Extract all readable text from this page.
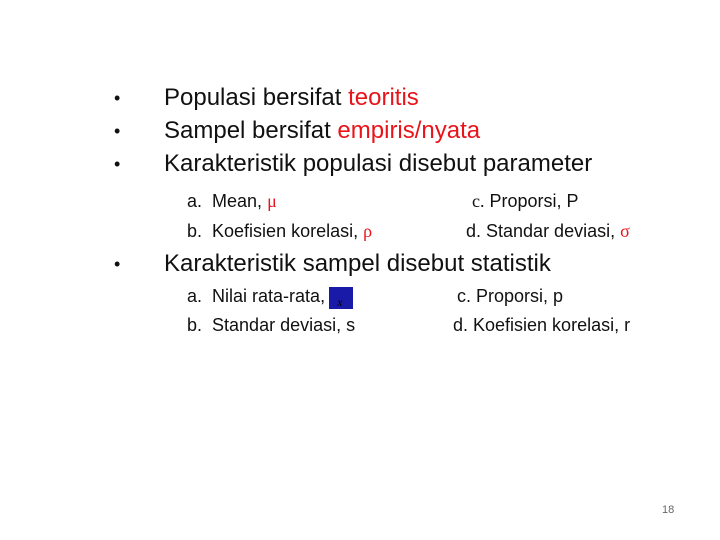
•
•
•
•
Populasi bersifat teoritis
Sampel bersifat empiris/nyata
Karakteristik populasi disebut parameter
a. Mean, μ
b. Koefisien korelasi, ρ
c. Proporsi, P
d. Standar deviasi, σ
Karakteristik sampel disebut statistik
a. Nilai rata-rata, x
b. Standar deviasi, s
c. Proporsi, p
d. Koefisien korelasi, r
18
